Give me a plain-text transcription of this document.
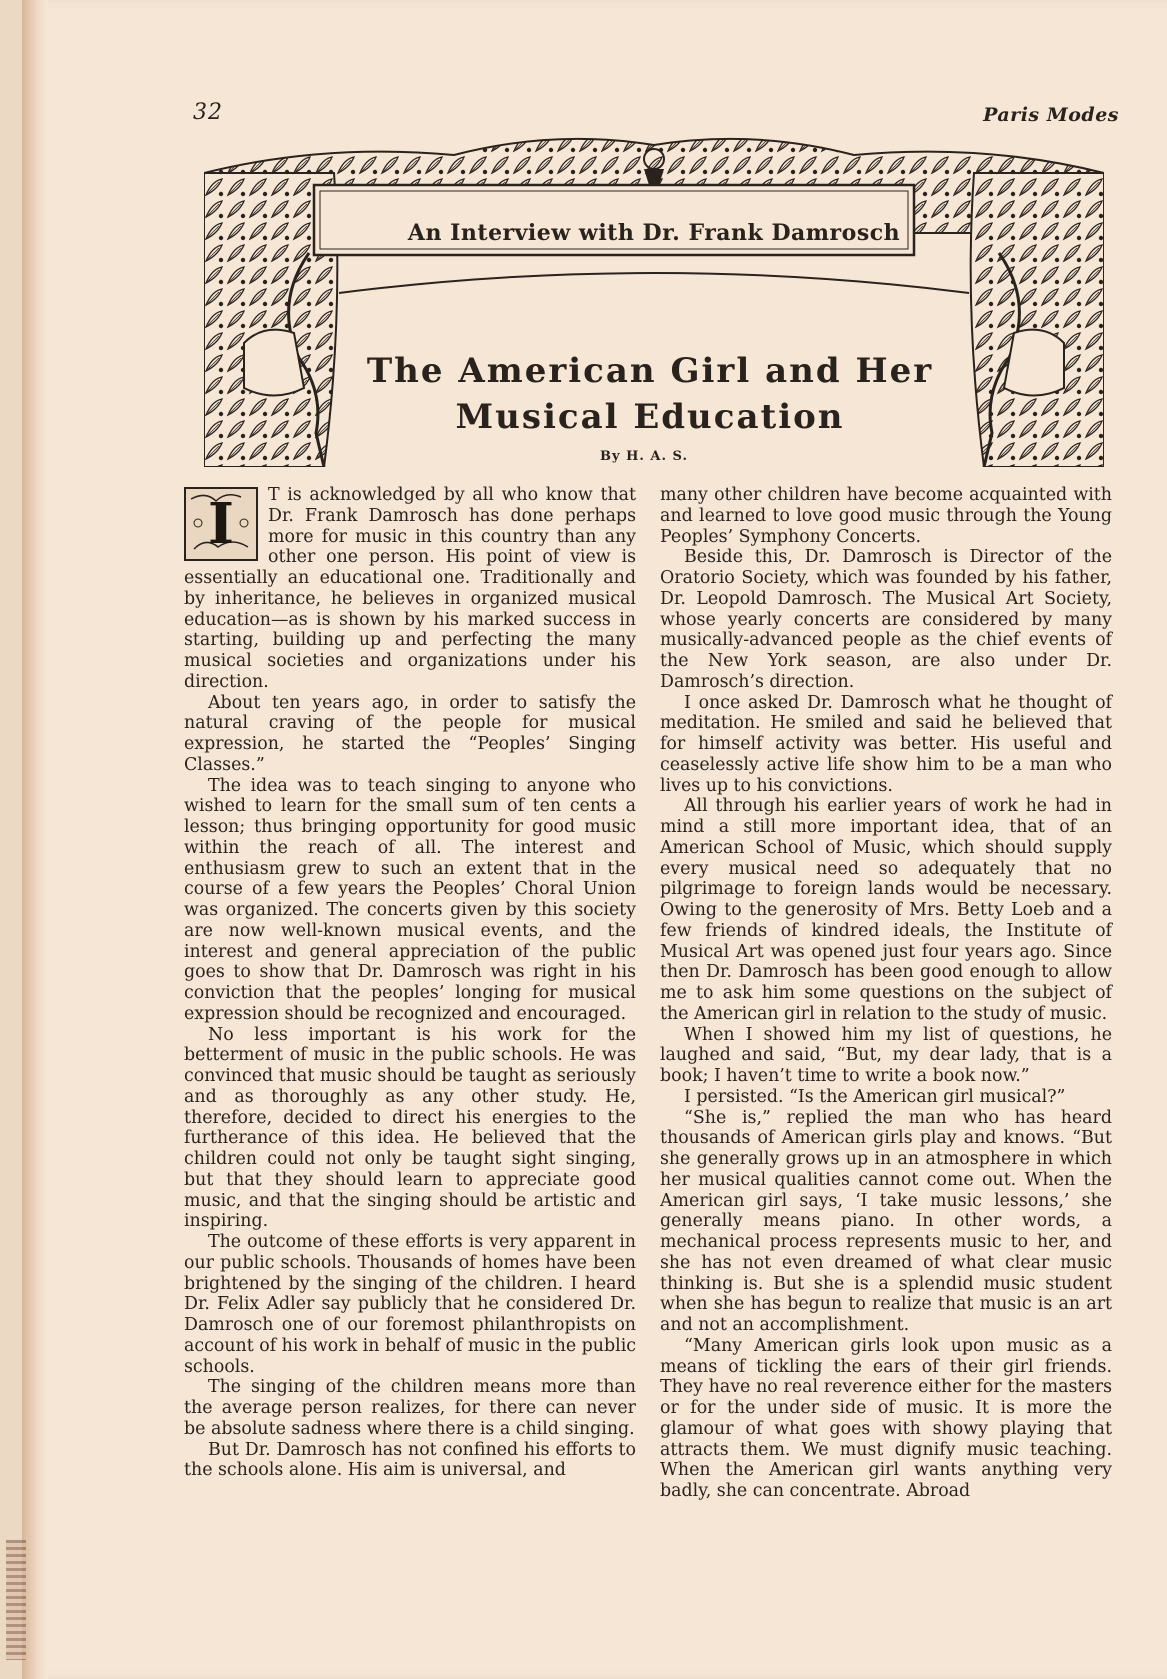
32	Paris Modes
An Interview with Dr. Frank Damrosch
The American Girl and Her
Musical Education
By H. A. S.
I	T is acknowledged by all who know that Dr. Frank Damrosch has done perhaps more for music in this country than any other one person. His point of view is essentially an educational one. Traditionally and by inheritance, he believes in organized musical education—as is shown by his marked success in starting, building up and perfecting the many musical societies and organizations under his direction.

About ten years ago, in order to satisfy the natural craving of the people for musical expression, he started the “Peoples’ Singing Classes.”

The idea was to teach singing to anyone who wished to learn for the small sum of ten cents a lesson; thus bringing opportunity for good music within the reach of all. The interest and enthusiasm grew to such an extent that in the course of a few years the Peoples’ Choral Union was organized. The concerts given by this society are now well-known musical events, and the interest and general appreciation of the public goes to show that Dr. Damrosch was right in his conviction that the peoples’ longing for musical expression should be recognized and encouraged.

No less important is his work for the betterment of music in the public schools. He was convinced that music should be taught as seriously and as thoroughly as any other study. He, therefore, decided to direct his energies to the furtherance of this idea. He believed that the children could not only be taught sight singing, but that they should learn to appreciate good music, and that the singing should be artistic and inspiring.

The outcome of these efforts is very apparent in our public schools. Thousands of homes have been brightened by the singing of the children. I heard Dr. Felix Adler say publicly that he considered Dr. Damrosch one of our foremost philanthropists on account of his work in behalf of music in the public schools.

The singing of the children means more than the average person realizes, for there can never be absolute sadness where there is a child singing.

But Dr. Damrosch has not confined his efforts to the schools alone. His aim is universal, and

many other children have become acquainted with and learned to love good music through the Young Peoples’ Symphony Concerts.

Beside this, Dr. Damrosch is Director of the Oratorio Society, which was founded by his father, Dr. Leopold Damrosch. The Musical Art Society, whose yearly concerts are considered by many musically-advanced people as the chief events of the New York season, are also under Dr. Damrosch’s direction.

I once asked Dr. Damrosch what he thought of meditation. He smiled and said he believed that for himself activity was better. His useful and ceaselessly active life show him to be a man who lives up to his convictions.

All through his earlier years of work he had in mind a still more important idea, that of an American School of Music, which should supply every musical need so adequately that no pilgrimage to foreign lands would be necessary. Owing to the generosity of Mrs. Betty Loeb and a few friends of kindred ideals, the Institute of Musical Art was opened just four years ago. Since then Dr. Damrosch has been good enough to allow me to ask him some questions on the subject of the American girl in relation to the study of music.

When I showed him my list of questions, he laughed and said, “But, my dear lady, that is a book; I haven’t time to write a book now.”

I persisted. “Is the American girl musical?”

“She is,” replied the man who has heard thousands of American girls play and knows. “But she generally grows up in an atmosphere in which her musical qualities cannot come out. When the American girl says, ‘I take music lessons,’ she generally means piano. In other words, a mechanical process represents music to her, and she has not even dreamed of what clear music thinking is. But she is a splendid music student when she has begun to realize that music is an art and not an accomplishment.

“Many American girls look upon music as a means of tickling the ears of their girl friends. They have no real reverence either for the masters or for the under side of music. It is more the glamour of what goes with showy playing that attracts them. We must dignify music teaching. When the American girl wants anything very badly, she can concentrate. Abroad
